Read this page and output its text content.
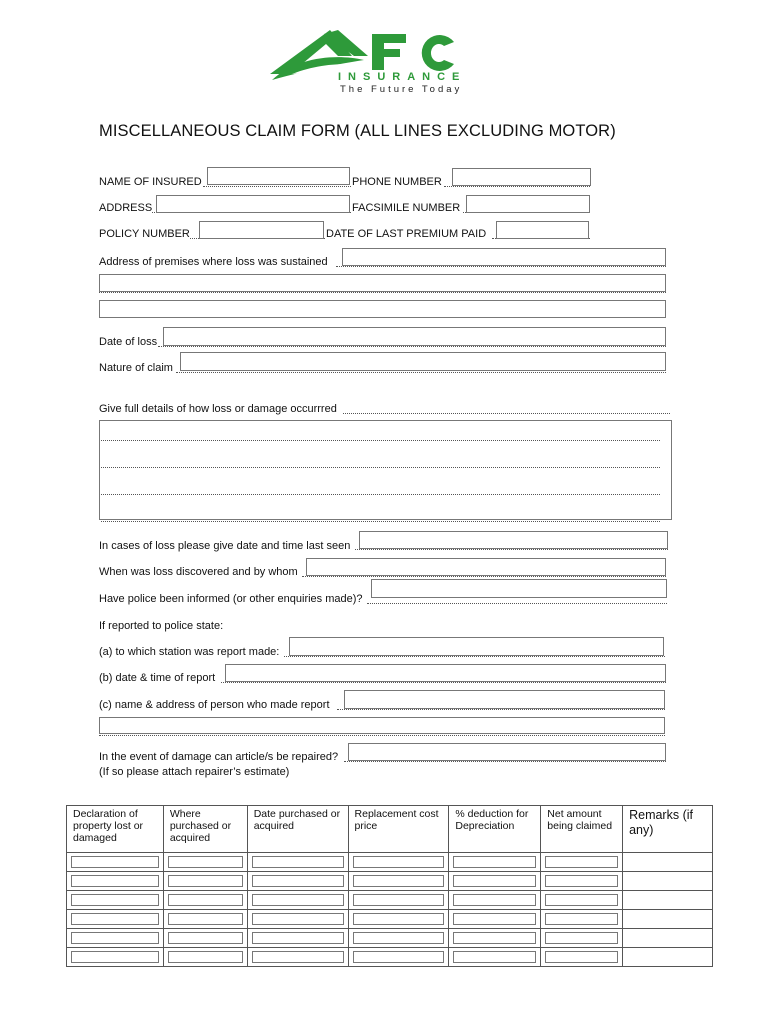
INSURANCE
The Future Today
MISCELLANEOUS CLAIM FORM (ALL LINES EXCLUDING MOTOR)
NAME OF INSURED	PHONE NUMBER
ADDRESS	FACSIMILE NUMBER
POLICY NUMBER	DATE OF LAST PREMIUM PAID
Address of premises where loss was sustained
Date of loss
Nature of claim
Give full details of how loss or damage occurrred
In cases of loss please give date and time last seen
When was loss discovered and by whom
Have police been informed (or other enquiries made)?
If reported to police state:
(a) to which station was report made:
(b) date & time of report
(c) name & address of person who made report
In the event of damage can article/s be repaired?
(If so please attach repairer’s estimate)
Declaration of property lost or damaged	Where purchased or acquired	Date purchased or acquired	Replacement cost price	% deduction for Depreciation	Net amount being claimed	Remarks (if any)
